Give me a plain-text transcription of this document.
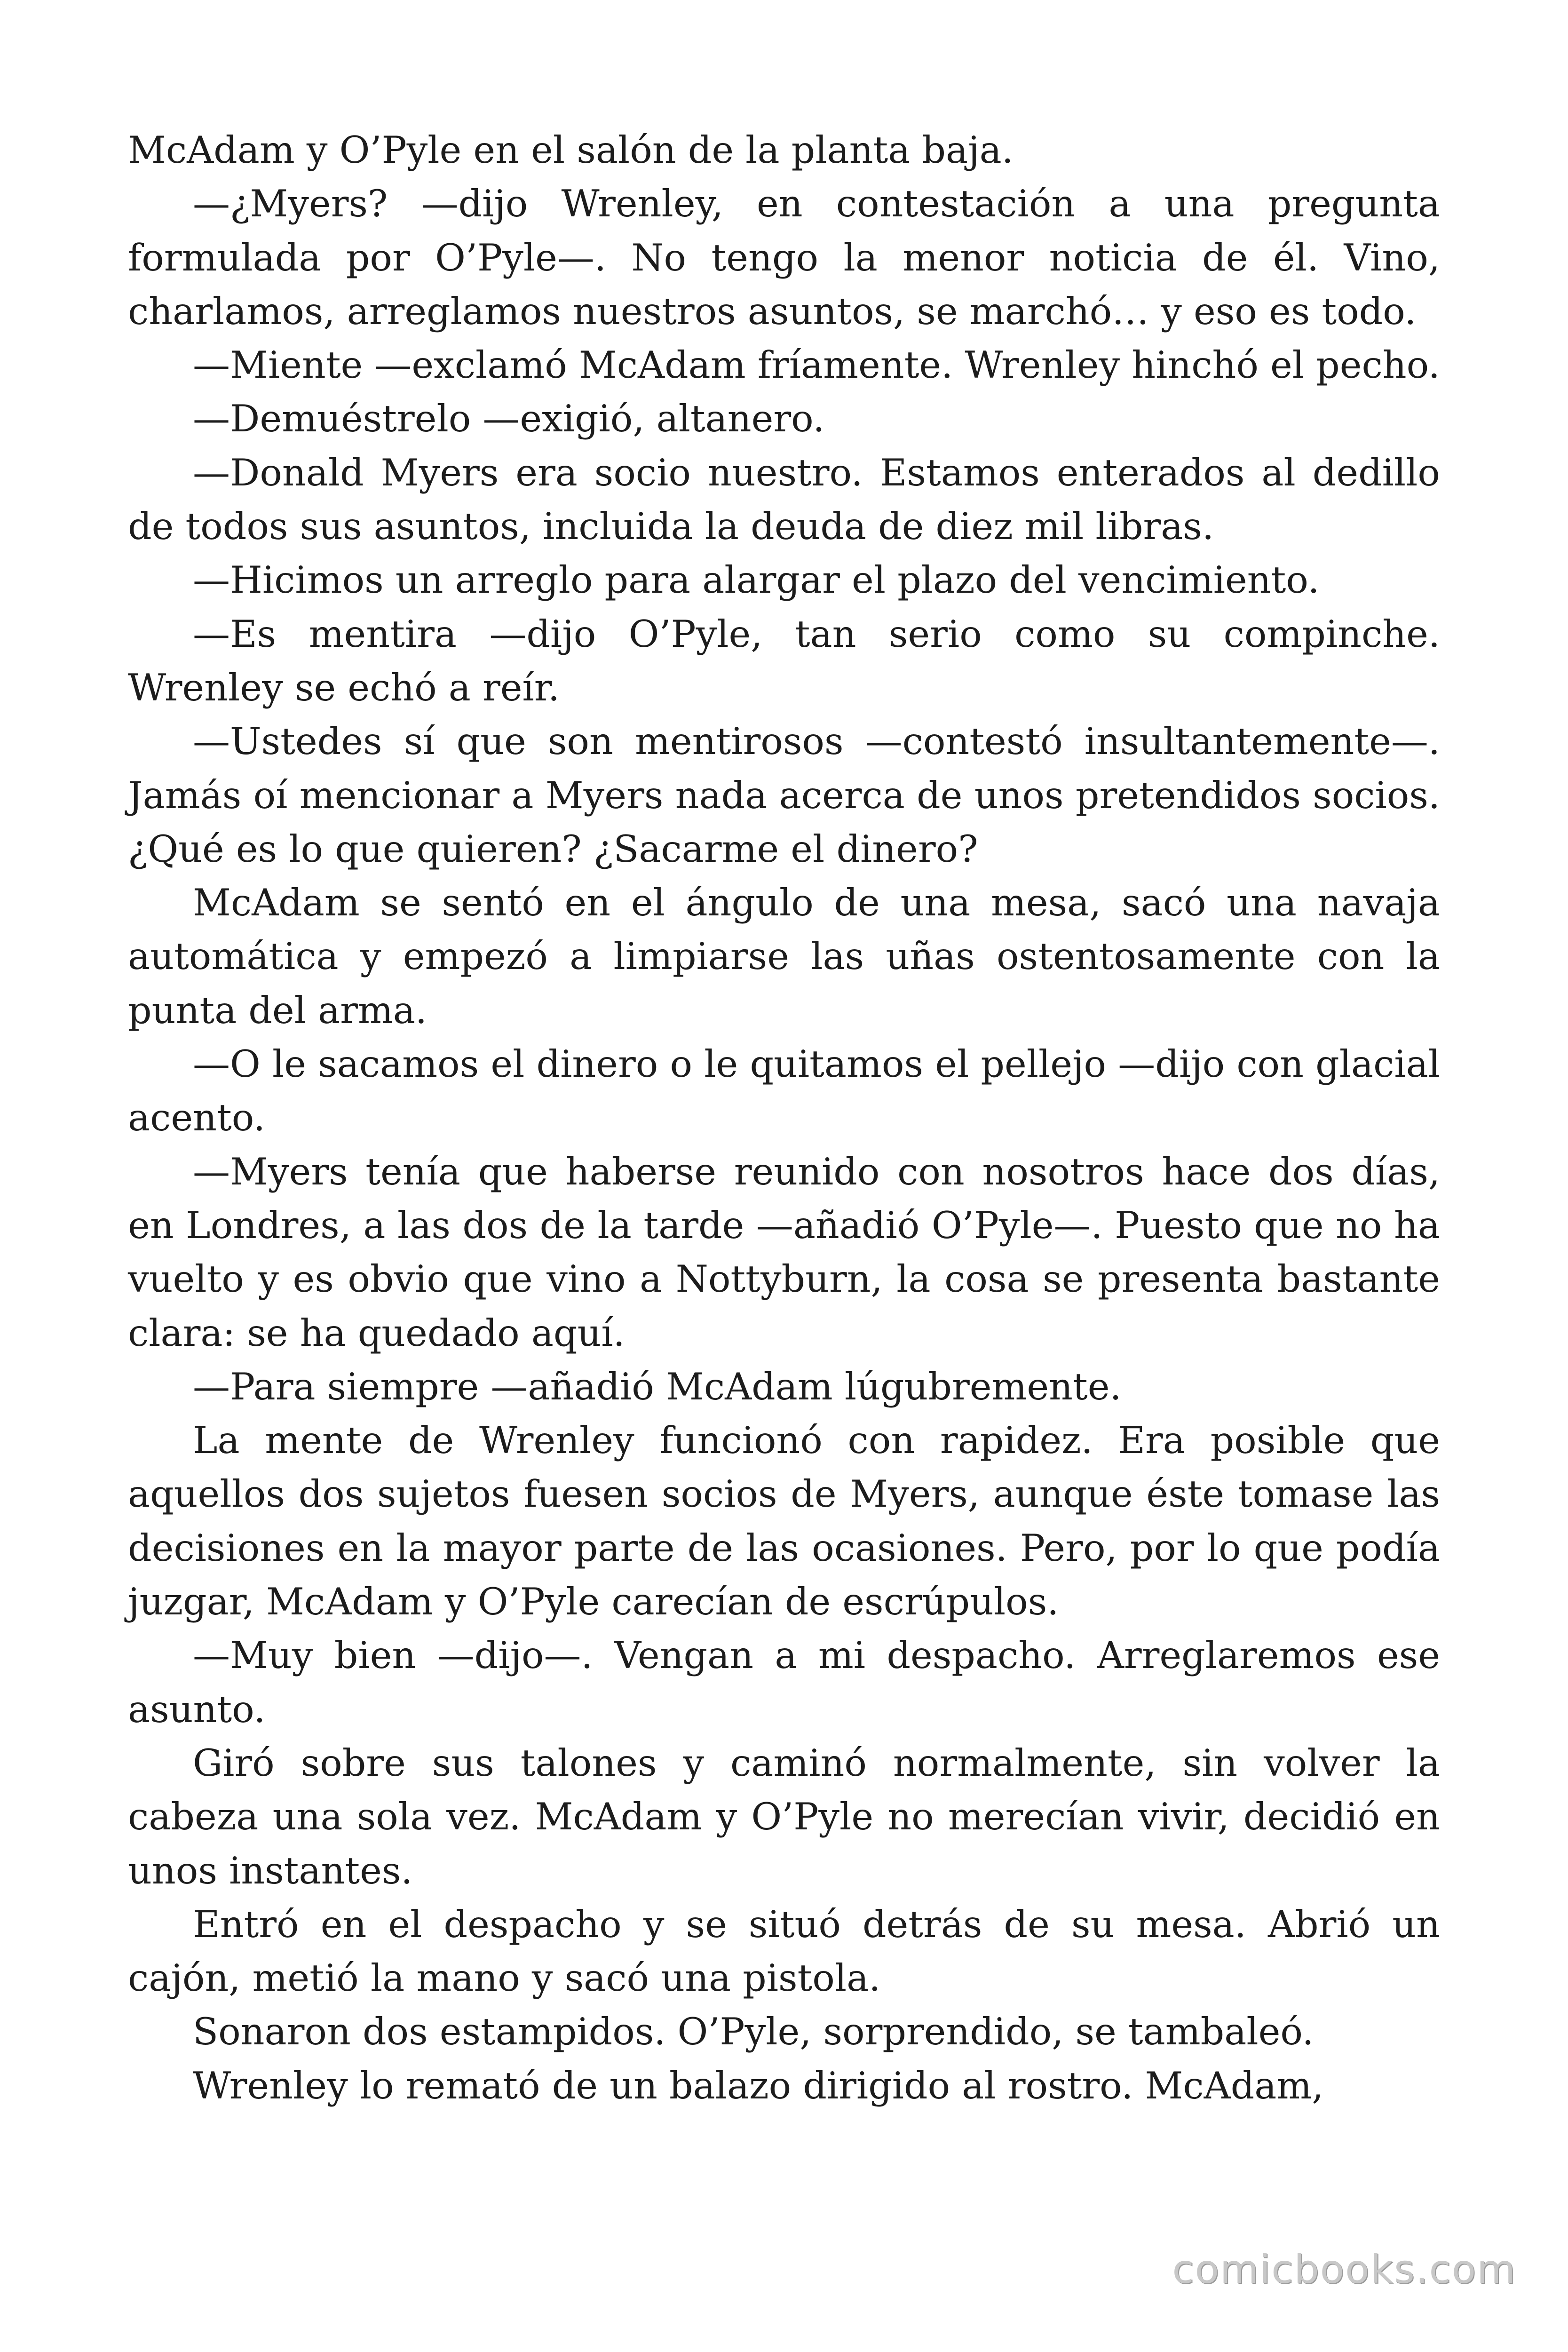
McAdam y O’Pyle en el salón de la planta baja.

—¿Myers? —dijo Wrenley, en contestación a una pregunta formulada por O’Pyle—. No tengo la menor noticia de él. Vino, charlamos, arreglamos nuestros asuntos, se marchó… y eso es todo.

—Miente —exclamó McAdam fríamente. Wrenley hinchó el pecho.

—Demuéstrelo —exigió, altanero.

—Donald Myers era socio nuestro. Estamos enterados al dedillo de todos sus asuntos, incluida la deuda de diez mil libras.

—Hicimos un arreglo para alargar el plazo del vencimiento.

—Es mentira —dijo O’Pyle, tan serio como su compinche. Wrenley se echó a reír.

—Ustedes sí que son mentirosos —contestó insultantemente—. Jamás oí mencionar a Myers nada acerca de unos pretendidos socios. ¿Qué es lo que quieren? ¿Sacarme el dinero?

McAdam se sentó en el ángulo de una mesa, sacó una navaja automática y empezó a limpiarse las uñas ostentosamente con la punta del arma.

—O le sacamos el dinero o le quitamos el pellejo —dijo con glacial acento.

—Myers tenía que haberse reunido con nosotros hace dos días, en Londres, a las dos de la tarde —añadió O’Pyle—. Puesto que no ha vuelto y es obvio que vino a Nottyburn, la cosa se presenta bastante clara: se ha quedado aquí.

—Para siempre —añadió McAdam lúgubremente.

La mente de Wrenley funcionó con rapidez. Era posible que aquellos dos sujetos fuesen socios de Myers, aunque éste tomase las decisiones en la mayor parte de las ocasiones. Pero, por lo que podía juzgar, McAdam y O’Pyle carecían de escrúpulos.

—Muy bien —dijo—. Vengan a mi despacho. Arreglaremos ese asunto.

Giró sobre sus talones y caminó normalmente, sin volver la cabeza una sola vez. McAdam y O’Pyle no merecían vivir, decidió en unos instantes.

Entró en el despacho y se situó detrás de su mesa. Abrió un cajón, metió la mano y sacó una pistola.

Sonaron dos estampidos. O’Pyle, sorprendido, se tambaleó.

Wrenley lo remató de un balazo dirigido al rostro. McAdam,

comicbooks.com
